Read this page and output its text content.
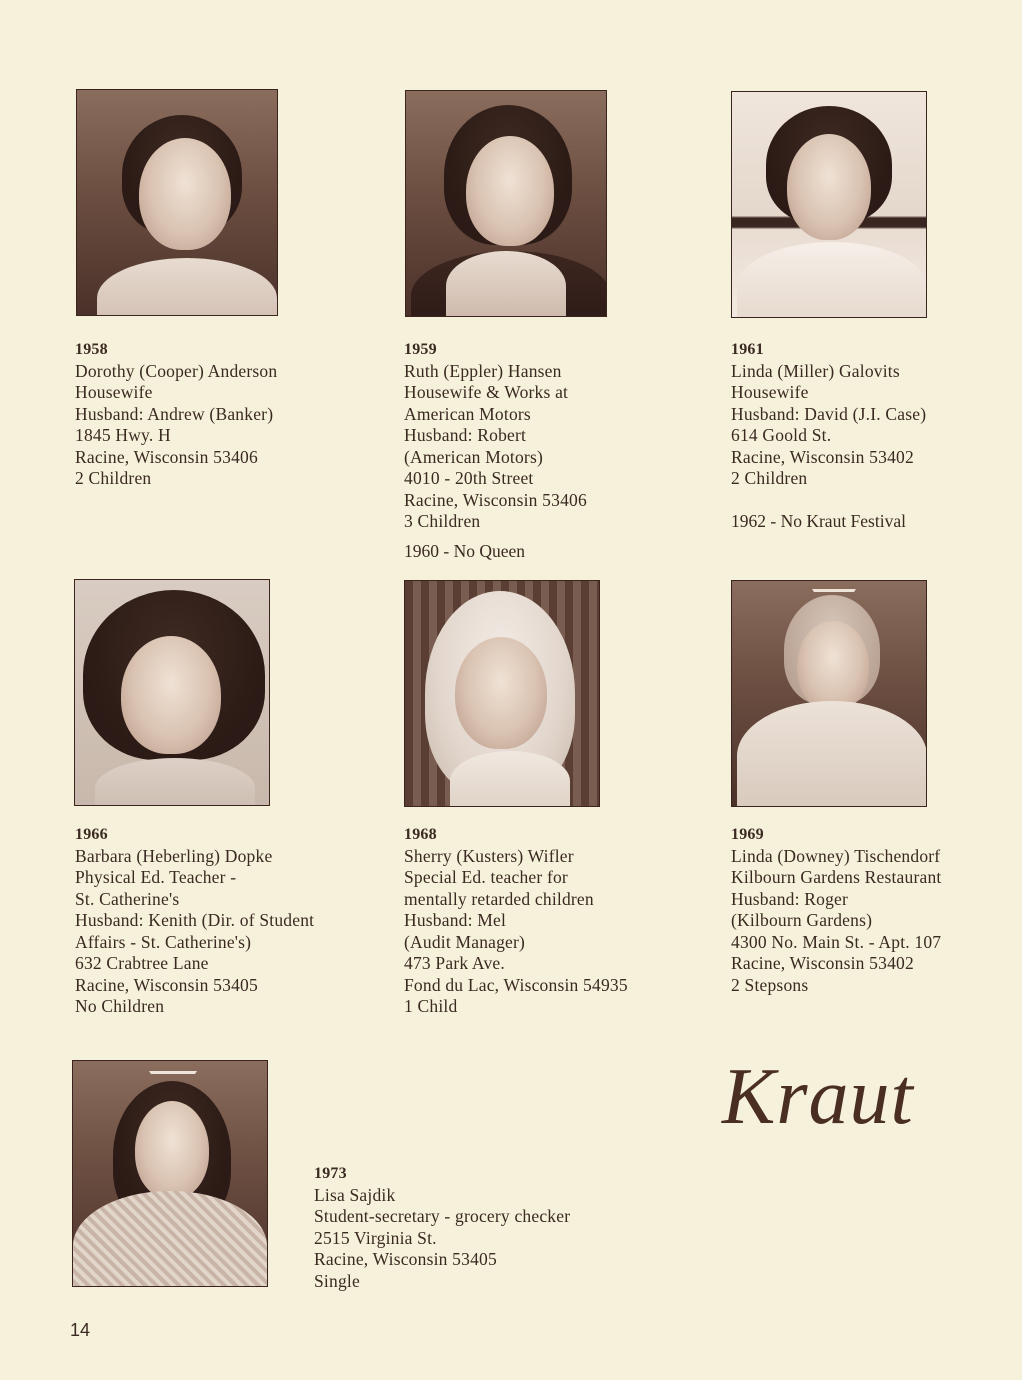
1958
Dorothy (Cooper) Anderson
Housewife
Husband: Andrew (Banker)
1845 Hwy. H
Racine, Wisconsin 53406
2 Children
1959
Ruth (Eppler) Hansen
Housewife & Works at
American Motors
Husband: Robert
(American Motors)
4010 - 20th Street
Racine, Wisconsin 53406
3 Children
1960 - No Queen
1961
Linda (Miller) Galovits
Housewife
Husband: David (J.I. Case)
614 Goold St.
Racine, Wisconsin 53402
2 Children
1962 - No Kraut Festival
1966
Barbara (Heberling) Dopke
Physical Ed. Teacher -
St. Catherine's
Husband: Kenith (Dir. of Student
Affairs - St. Catherine's)
632 Crabtree Lane
Racine, Wisconsin 53405
No Children
1968
Sherry (Kusters) Wifler
Special Ed. teacher for
mentally retarded children
Husband: Mel
(Audit Manager)
473 Park Ave.
Fond du Lac, Wisconsin 54935
1 Child
1969
Linda (Downey) Tischendorf
Kilbourn Gardens Restaurant
Husband: Roger
(Kilbourn Gardens)
4300 No. Main St. - Apt. 107
Racine, Wisconsin 53402
2 Stepsons
1973
Lisa Sajdik
Student-secretary - grocery checker
2515 Virginia St.
Racine, Wisconsin 53405
Single
Kraut
14
